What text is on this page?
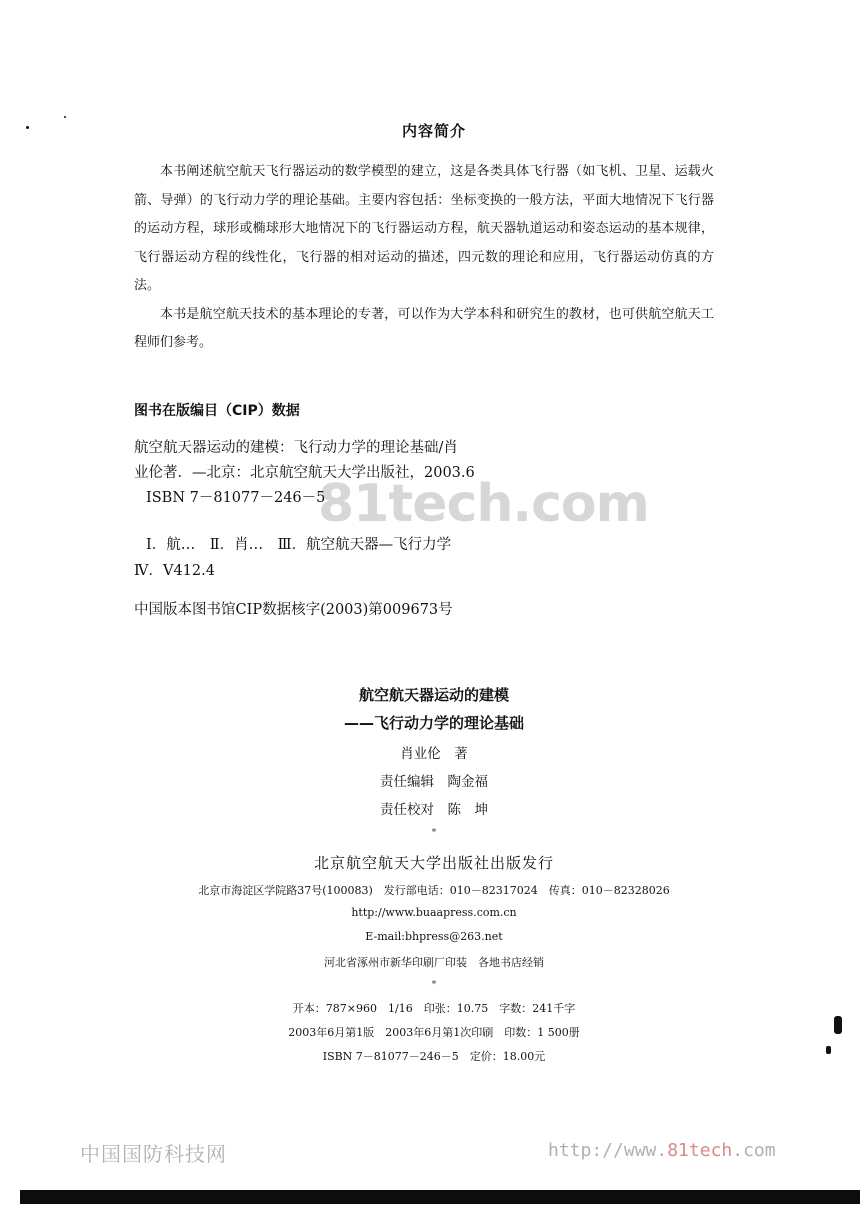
内容简介

本书阐述航空航天飞行器运动的数学模型的建立，这是各类具体飞行器（如飞机、卫星、运载火箭、导弹）的飞行动力学的理论基础。主要内容包括：坐标变换的一般方法，平面大地情况下飞行器的运动方程，球形或椭球形大地情况下的飞行器运动方程，航天器轨道运动和姿态运动的基本规律，飞行器运动方程的线性化，飞行器的相对运动的描述，四元数的理论和应用，飞行器运动仿真的方法。

本书是航空航天技术的基本理论的专著，可以作为大学本科和研究生的教材，也可供航空航天工程师们参考。

图书在版编目（CIP）数据
航空航天器运动的建模：飞行动力学的理论基础/肖
业伦著．—北京：北京航空航天大学出版社，2003.6
ISBN 7－81077－246－5
Ⅰ．航…　Ⅱ．肖…　Ⅲ．航空航天器—飞行力学
Ⅳ．V412.4
中国版本图书馆CIP数据核字(2003)第009673号
81tech.com
航空航天器运动的建模
——飞行动力学的理论基础
肖业伦　著
责任编辑　陶金福
责任校对　陈　坤
*
北京航空航天大学出版社出版发行
北京市海淀区学院路37号(100083)　发行部电话：010－82317024　传真：010－82328026
http://www.buaapress.com.cn
E-mail:bhpress@263.net
河北省涿州市新华印刷厂印装　各地书店经销
*
开本：787×960　1/16　印张：10.75　字数：241千字
2003年6月第1版　2003年6月第1次印刷　印数：1 500册
ISBN 7－81077－246－5　定价：18.00元
中国国防科技网	http://www.81tech.com
